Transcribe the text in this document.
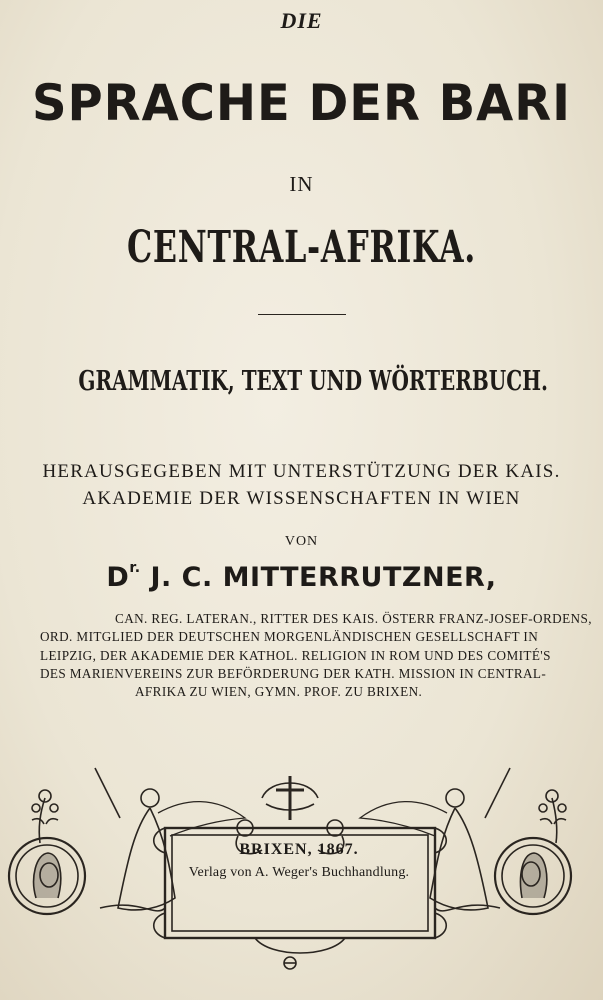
DIE
SPRACHE DER BARI
IN
CENTRAL-AFRIKA.
GRAMMATIK, TEXT UND WÖRTERBUCH.
HERAUSGEGEBEN MIT UNTERSTÜTZUNG DER KAIS.
AKADEMIE DER WISSENSCHAFTEN IN WIEN
VON
$D^{r.}$ J. C. MITTERRUTZNER,
CAN. REG. LATERAN., RITTER DES KAIS. ÖSTERR FRANZ-JOSEF-ORDENS,
ORD. MITGLIED DER DEUTSCHEN MORGENLÄNDISCHEN GESELLSCHAFT IN
LEIPZIG, DER AKADEMIE DER KATHOL. RELIGION IN ROM UND DES COMITÉ'S
DES MARIENVEREINS ZUR BEFÖRDERUNG DER KATH. MISSION IN CENTRAL-
AFRIKA ZU WIEN, GYMN. PROF. ZU BRIXEN.
BRIXEN, 1867.
Verlag von A. Weger's Buchhandlung.
